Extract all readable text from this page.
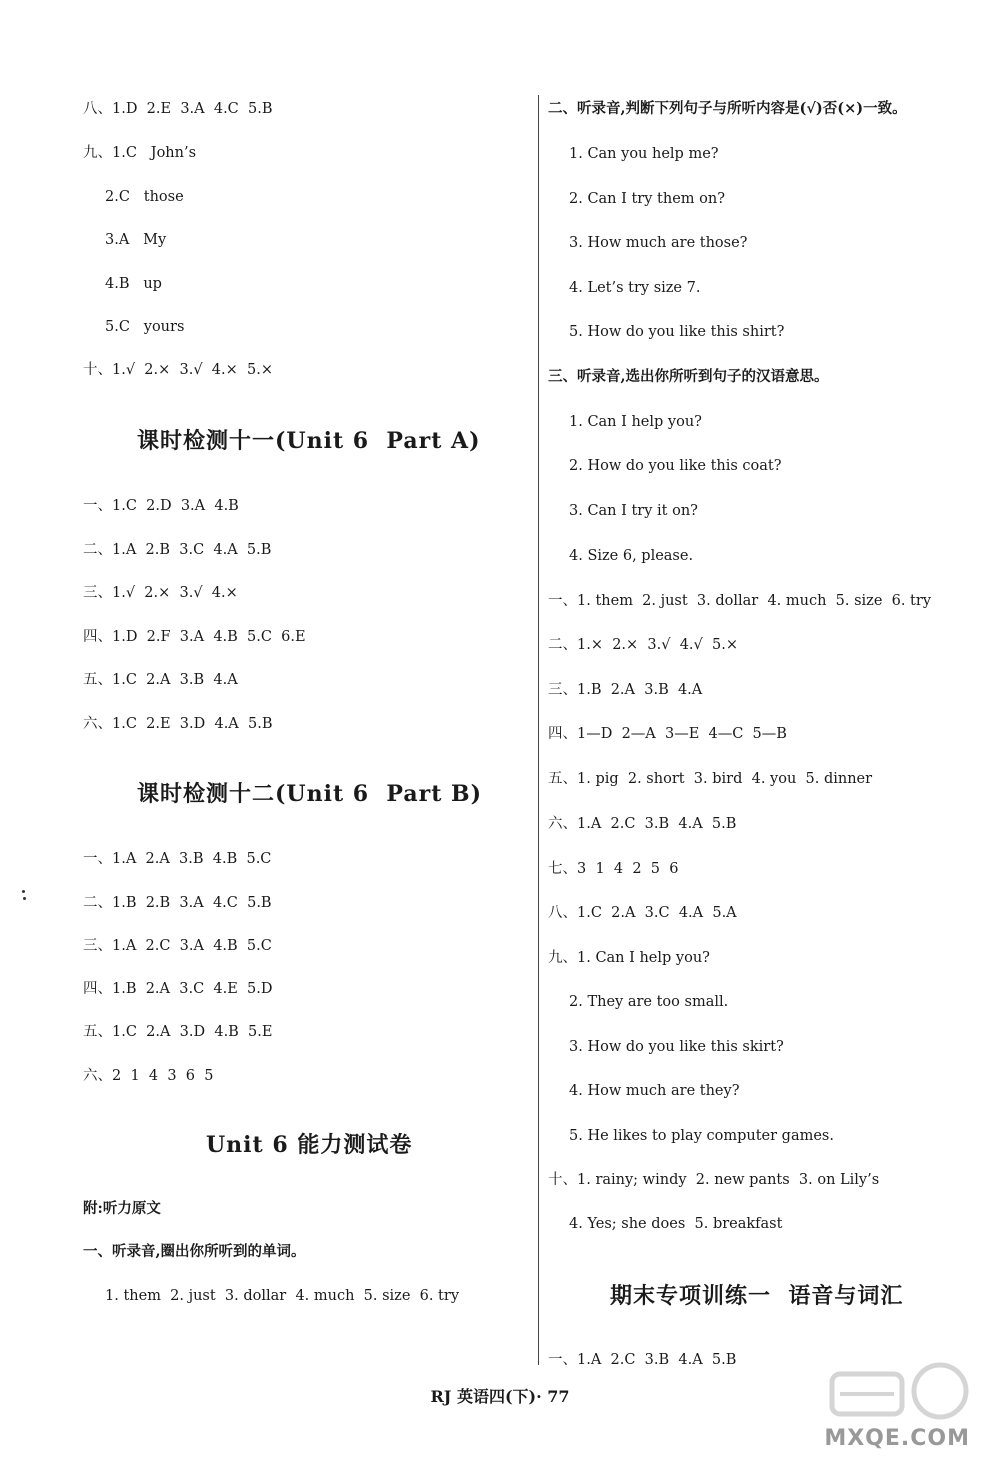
八、1.D  2.E  3.A  4.C  5.B
九、1.C   John’s
2.C   those
3.A   My
4.B   up
5.C   yours
十、1.√  2.×  3.√  4.×  5.×
课时检测十一(Unit 6  Part A)
一、1.C  2.D  3.A  4.B
二、1.A  2.B  3.C  4.A  5.B
三、1.√  2.×  3.√  4.×
四、1.D  2.F  3.A  4.B  5.C  6.E
五、1.C  2.A  3.B  4.A
六、1.C  2.E  3.D  4.A  5.B
课时检测十二(Unit 6  Part B)
一、1.A  2.A  3.B  4.B  5.C
二、1.B  2.B  3.A  4.C  5.B
三、1.A  2.C  3.A  4.B  5.C
四、1.B  2.A  3.C  4.E  5.D
五、1.C  2.A  3.D  4.B  5.E
六、2  1  4  3  6  5
Unit 6 能力测试卷
附:听力原文
一、听录音,圈出你所听到的单词。
1. them  2. just  3. dollar  4. much  5. size  6. try
二、听录音,判断下列句子与所听内容是(√)否(×)一致。
1. Can you help me?
2. Can I try them on?
3. How much are those?
4. Let’s try size 7.
5. How do you like this shirt?
三、听录音,选出你所听到句子的汉语意思。
1. Can I help you?
2. How do you like this coat?
3. Can I try it on?
4. Size 6, please.
一、1. them  2. just  3. dollar  4. much  5. size  6. try
二、1.×  2.×  3.√  4.√  5.×
三、1.B  2.A  3.B  4.A
四、1—D  2—A  3—E  4—C  5—B
五、1. pig  2. short  3. bird  4. you  5. dinner
六、1.A  2.C  3.B  4.A  5.B
七、3  1  4  2  5  6
八、1.C  2.A  3.C  4.A  5.A
九、1. Can I help you?
2. They are too small.
3. How do you like this skirt?
4. How much are they?
5. He likes to play computer games.
十、1. rainy; windy  2. new pants  3. on Lily’s
4. Yes; she does  5. breakfast
期末专项训练一  语音与词汇
一、1.A  2.C  3.B  4.A  5.B
RJ 英语四(下)· 77
MXQE.COM
